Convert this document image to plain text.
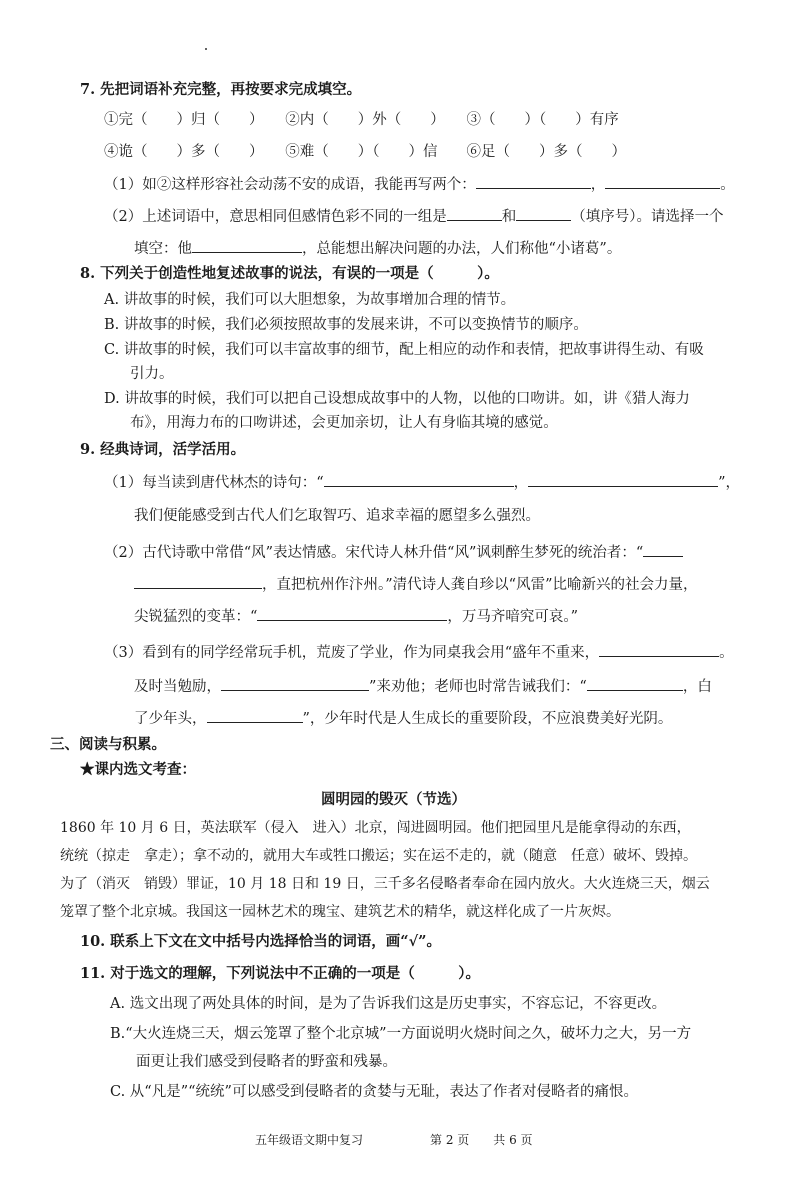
7. 先把词语补充完整，再按要求完成填空。
①完（　　）归（　　）　　②内（　　）外（　　）　　③（　　）（　　）有序
④诡（　　）多（　　）　　⑤难（　　）（　　）信　　⑥足（　　）多（　　）
（1）如②这样形容社会动荡不安的成语，我能再写两个：	，	。
（2）上述词语中，意思相同但感情色彩不同的一组是	和	（填序号）。请选择一个
填空：他	，总能想出解决问题的办法，人们称他“小诸葛”。
8. 下列关于创造性地复述故事的说法，有误的一项是（　　　）。
A. 讲故事的时候，我们可以大胆想象，为故事增加合理的情节。
B. 讲故事的时候，我们必须按照故事的发展来讲，不可以变换情节的顺序。
C. 讲故事的时候，我们可以丰富故事的细节，配上相应的动作和表情，把故事讲得生动、有吸
引力。
D. 讲故事的时候，我们可以把自己设想成故事中的人物，以他的口吻讲。如，讲《猎人海力
布》，用海力布的口吻讲述，会更加亲切，让人有身临其境的感觉。
9. 经典诗词，活学活用。
（1）每当读到唐代林杰的诗句：“	，	”，
我们便能感受到古代人们乞取智巧、追求幸福的愿望多么强烈。
（2）古代诗歌中常借“风”表达情感。宋代诗人林升借“风”讽刺醉生梦死的统治者：“
，直把杭州作汴州。”清代诗人龚自珍以“风雷”比喻新兴的社会力量，
尖锐猛烈的变革：“	，万马齐喑究可哀。”
（3）看到有的同学经常玩手机，荒废了学业，作为同桌我会用“盛年不重来，	。
及时当勉励，	”来劝他；老师也时常告诫我们：“	，白
了少年头，	”，少年时代是人生成长的重要阶段，不应浪费美好光阴。
三、阅读与积累。
★课内选文考查：
圆明园的毁灭（节选）
1860 年 10 月 6 日，英法联军（侵入　进入）北京，闯进圆明园。他们把园里凡是能拿得动的东西，
统统（掠走　拿走）；拿不动的，就用大车或牲口搬运；实在运不走的，就（随意　任意）破坏、毁掉。
为了（消灭　销毁）罪证，10 月 18 日和 19 日，三千多名侵略者奉命在园内放火。大火连烧三天，烟云
笼罩了整个北京城。我国这一园林艺术的瑰宝、建筑艺术的精华，就这样化成了一片灰烬。
10. 联系上下文在文中括号内选择恰当的词语，画“√”。
11. 对于选文的理解，下列说法中不正确的一项是（　　　）。
A. 选文出现了两处具体的时间，是为了告诉我们这是历史事实，不容忘记，不容更改。
B.“大火连烧三天，烟云笼罩了整个北京城”一方面说明火烧时间之久，破坏力之大，另一方
面更让我们感受到侵略者的野蛮和残暴。
C. 从“凡是”“统统”可以感受到侵略者的贪婪与无耻，表达了作者对侵略者的痛恨。
五年级语文期中复习	第 2 页　　共 6 页
